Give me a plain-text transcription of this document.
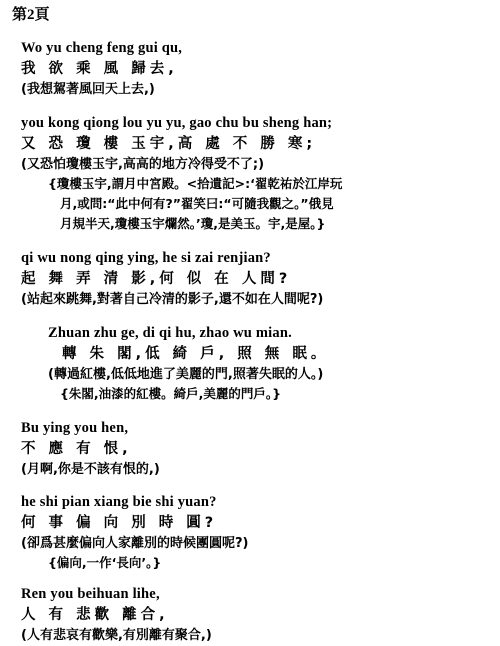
第2頁
Wo yu cheng feng gui qu,
我 欲 乘 風 歸去,
(我想駕著風回天上去,)
you kong qiong lou yu yu, gao chu bu sheng han;
又 恐 瓊 樓 玉宇,高 處 不 勝 寒;
(又恐怕瓊樓玉宇,高高的地方冷得受不了;)
{瓊樓玉宇,謂月中宮殿。<拾遺記>:‘翟乾祐於江岸玩
月,或問:“此中何有?”翟笑曰:“可隨我觀之。”俄見
月規半天,瓊樓玉宇爛然。’瓊,是美玉。宇,是屋。}
qi wu nong qing ying, he si zai renjian?
起 舞 弄 清 影,何 似 在 人間?
(站起來跳舞,對著自己冷清的影子,還不如在人間呢?)
Zhuan zhu ge, di qi hu, zhao wu mian.
轉 朱 閣,低 綺 戶, 照 無 眠。
(轉過紅樓,低低地進了美麗的門,照著失眠的人。)
{朱閣,油漆的紅樓。綺戶,美麗的門戶。}
Bu ying you hen,
不 應 有 恨,
(月啊,你是不該有恨的,)
he shi pian xiang bie shi yuan?
何 事 偏 向 別 時 圓?
(卻爲甚麼偏向人家離別的時候團圓呢?)
{偏向,一作‘長向’。}
Ren you beihuan lihe,
人 有 悲歡 離合,
(人有悲哀有歡樂,有別離有聚合,)
